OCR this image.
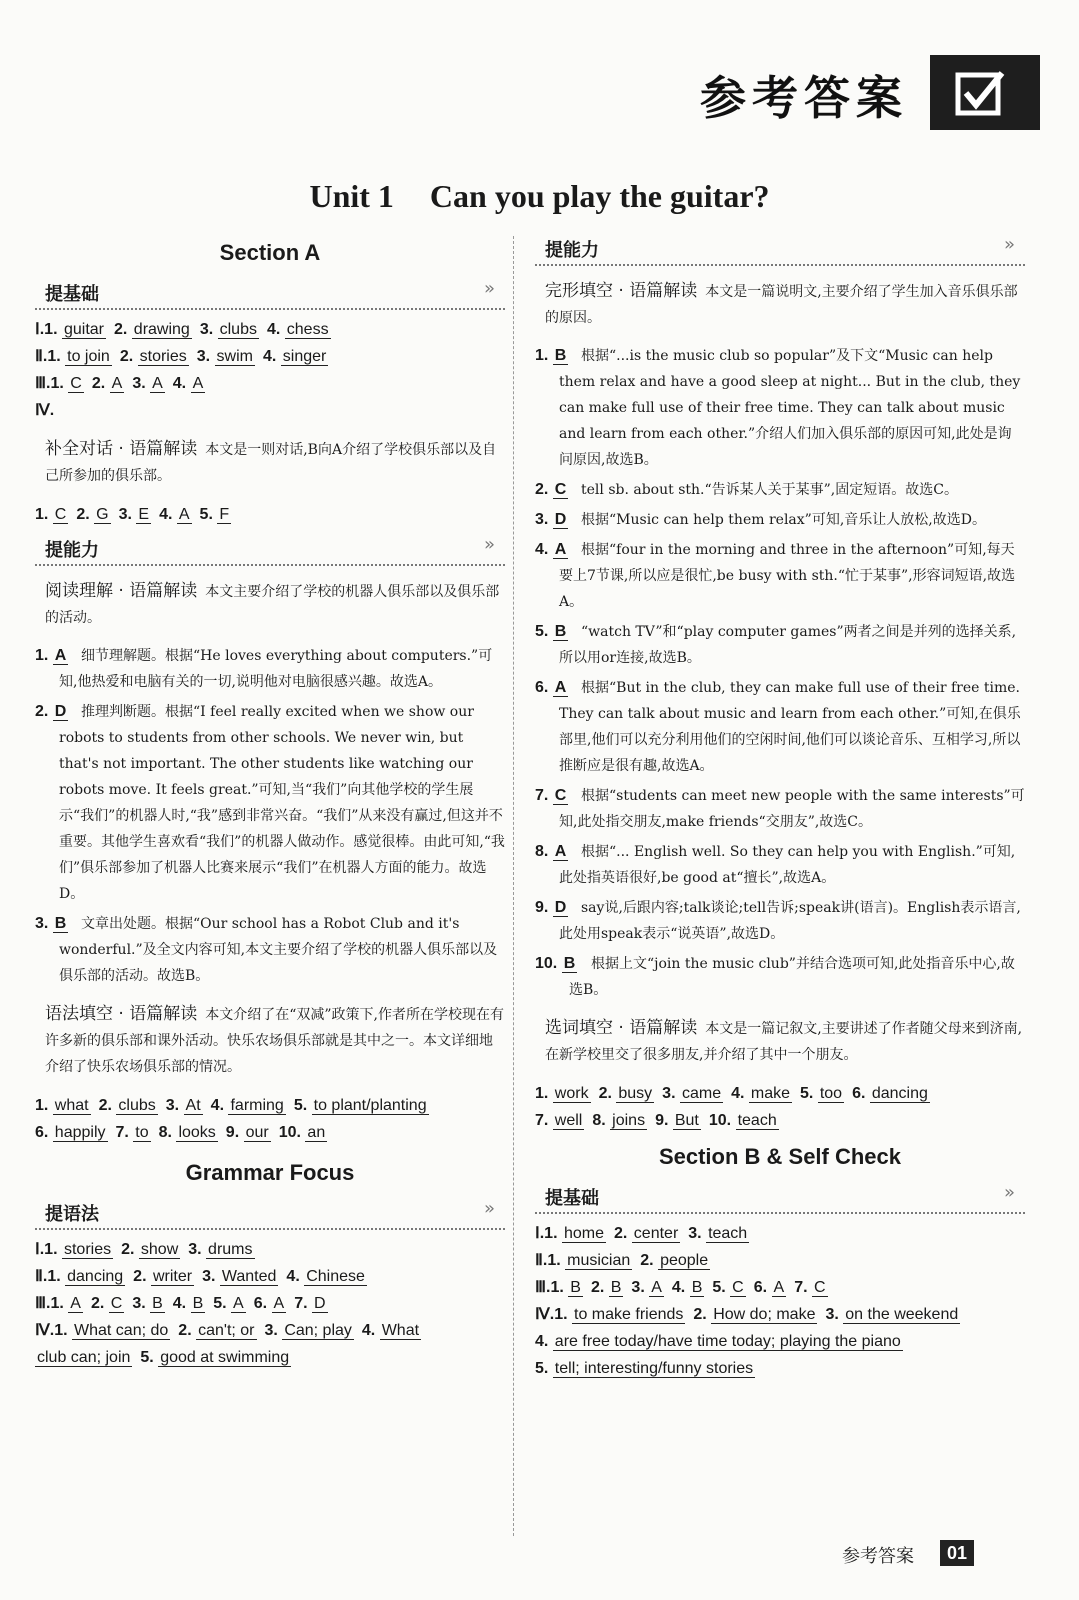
参考答案
Unit 1 Can you play the guitar?
Section A
提基础	»
Ⅰ.1. guitar 2. drawing 3. clubs 4. chess
Ⅱ.1. to join 2. stories 3. swim 4. singer
Ⅲ.1. C 2. A 3. A 4. A
Ⅳ.
补全对话 · 语篇解读 本文是一则对话,B向A介绍了学校俱乐部以及自己所参加的俱乐部。
1. C 2. G 3. E 4. A 5. F
提能力	»
阅读理解 · 语篇解读 本文主要介绍了学校的机器人俱乐部以及俱乐部的活动。
1. A 细节理解题。根据“He loves everything about computers.”可知,他热爱和电脑有关的一切,说明他对电脑很感兴趣。故选A。
2. D 推理判断题。根据“I feel really excited when we show our robots to students from other schools. We never win, but that's not important. The other students like watching our robots move. It feels great.”可知,当“我们”向其他学校的学生展示“我们”的机器人时,“我”感到非常兴奋。“我们”从来没有赢过,但这并不重要。其他学生喜欢看“我们”的机器人做动作。感觉很棒。由此可知,“我们”俱乐部参加了机器人比赛来展示“我们”在机器人方面的能力。故选D。
3. B 文章出处题。根据“Our school has a Robot Club and it's wonderful.”及全文内容可知,本文主要介绍了学校的机器人俱乐部以及俱乐部的活动。故选B。
语法填空 · 语篇解读 本文介绍了在“双减”政策下,作者所在学校现在有许多新的俱乐部和课外活动。快乐农场俱乐部就是其中之一。本文详细地介绍了快乐农场俱乐部的情况。
1. what 2. clubs 3. At 4. farming 5. to plant/planting
6. happily 7. to 8. looks 9. our 10. an
Grammar Focus
提语法	»
Ⅰ.1. stories 2. show 3. drums
Ⅱ.1. dancing 2. writer 3. Wanted 4. Chinese
Ⅲ.1. A 2. C 3. B 4. B 5. A 6. A 7. D
Ⅳ.1. What can; do 2. can't; or 3. Can; play 4. What
club can; join 5. good at swimming
提能力	»
完形填空 · 语篇解读 本文是一篇说明文,主要介绍了学生加入音乐俱乐部的原因。
1. B 根据“...is the music club so popular”及下文“Music can help them relax and have a good sleep at night... But in the club, they can make full use of their free time. They can talk about music and learn from each other.”介绍人们加入俱乐部的原因可知,此处是询问原因,故选B。
2. C tell sb. about sth.“告诉某人关于某事”,固定短语。故选C。
3. D 根据“Music can help them relax”可知,音乐让人放松,故选D。
4. A 根据“four in the morning and three in the afternoon”可知,每天要上7节课,所以应是很忙,be busy with sth.“忙于某事”,形容词短语,故选A。
5. B “watch TV”和“play computer games”两者之间是并列的选择关系,所以用or连接,故选B。
6. A 根据“But in the club, they can make full use of their free time. They can talk about music and learn from each other.”可知,在俱乐部里,他们可以充分利用他们的空闲时间,他们可以谈论音乐、互相学习,所以推断应是很有趣,故选A。
7. C 根据“students can meet new people with the same interests”可知,此处指交朋友,make friends“交朋友”,故选C。
8. A 根据“... English well. So they can help you with English.”可知,此处指英语很好,be good at“擅长”,故选A。
9. D say说,后跟内容;talk谈论;tell告诉;speak讲(语言)。English表示语言,此处用speak表示“说英语”,故选D。
10. B 根据上文“join the music club”并结合选项可知,此处指音乐中心,故选B。
选词填空 · 语篇解读 本文是一篇记叙文,主要讲述了作者随父母来到济南,在新学校里交了很多朋友,并介绍了其中一个朋友。
1. work 2. busy 3. came 4. make 5. too 6. dancing
7. well 8. joins 9. But 10. teach
Section B & Self Check
提基础	»
Ⅰ.1. home 2. center 3. teach
Ⅱ.1. musician 2. people
Ⅲ.1. B 2. B 3. A 4. B 5. C 6. A 7. C
Ⅳ.1. to make friends 2. How do; make 3. on the weekend
4. are free today/have time today; playing the piano
5. tell; interesting/funny stories
参考答案	01
